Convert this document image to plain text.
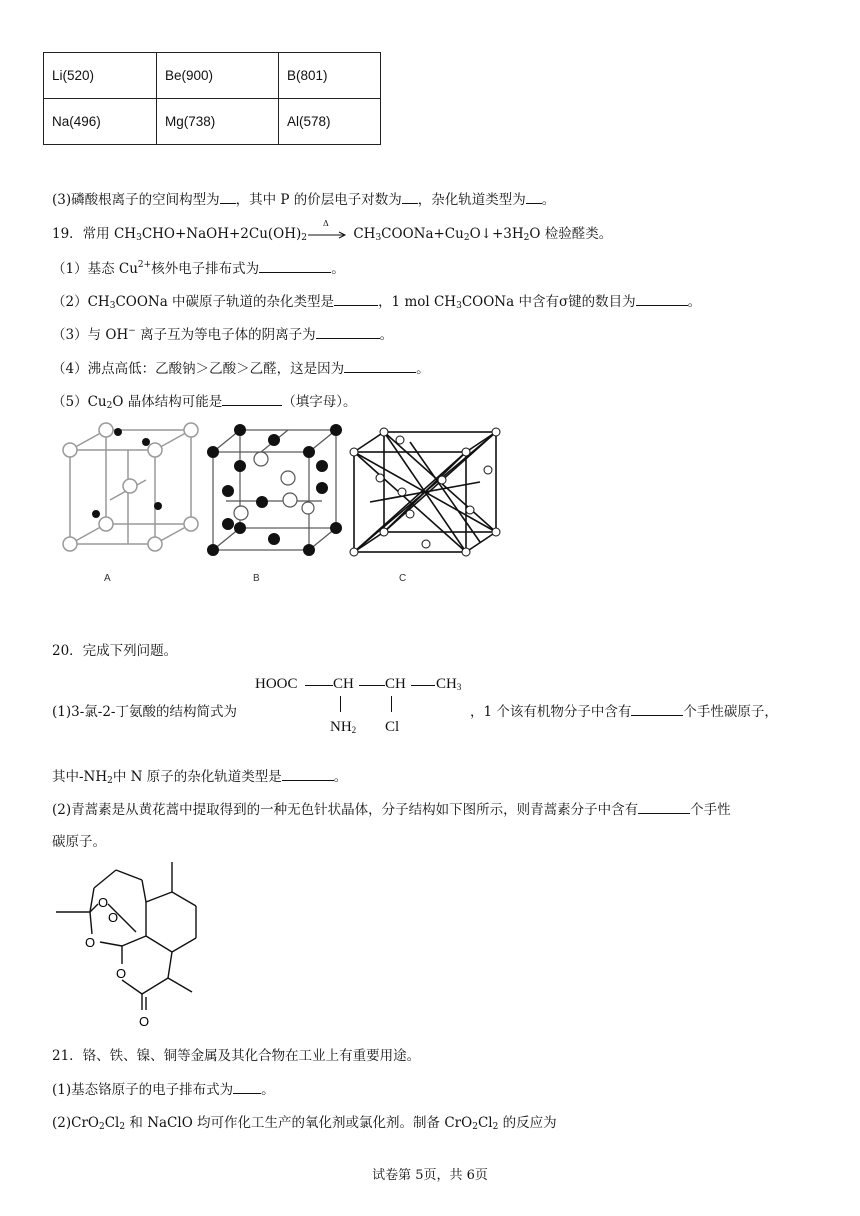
Li(520)	Be(900)	B(801)
Na(496)	Mg(738)	Al(578)
(3)磷酸根离子的空间构型为 ，其中 P 的价层电子对数为 ，杂化轨道类型为 。
19．常用 $CH_3CHO+NaOH+2Cu(OH)_2$
Δ
$CH_3COONa+Cu_2O↓+3H_2O$ 检验醛类。
（1）基态 $Cu^{2+}$核外电子排布式为	。
$(2)CH_3COONa$ 中碳原子轨道的杂化类型是	，1 mol $CH_3COONa$ 中含有σ键的数目为	。
（3）与 OH− 离子互为等电子体的阴离子为	。
（4）沸点高低：乙酸钠＞乙酸＞乙醛，这是因为	。
$(5)Cu_2O$ 晶体结构可能是	（填字母）。
A	B	C
20．完成下列问题。
(1)3-氯-2-丁氨酸的结构简式为
HOOC CH CH $CH_3$
$NH_2$ Cl
，1 个该有机物分子中含有	个手性碳原子，
其中$-NH_2$中 N 原子的杂化轨道类型是	。
(2)青蒿素是从黄花蒿中提取得到的一种无色针状晶体，分子结构如下图所示，则青蒿素分子中含有	个手性
碳原子。
O
O
O
O
O
21．铬、铁、镍、铜等金属及其化合物在工业上有重要用途。
(1)基态铬原子的电子排布式为 。
$(2)CrO_2Cl_2$ 和 NaClO 均可作化工生产的氧化剂或氯化剂。制备 $CrO_2Cl_2$ 的反应为
试卷第 5页，共 6页
